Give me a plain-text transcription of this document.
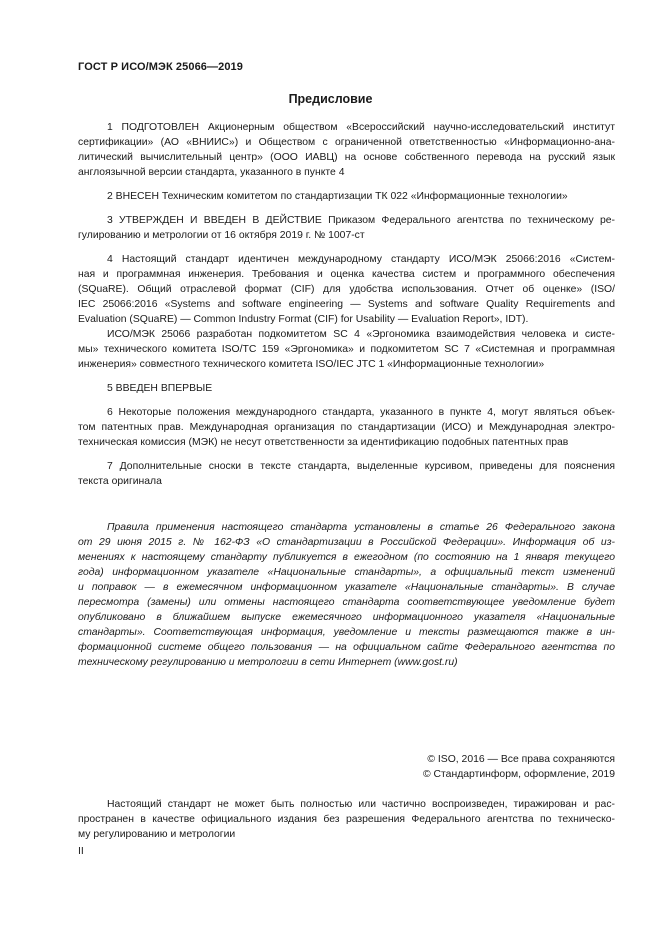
ГОСТ Р ИСО/МЭК 25066—2019
Предисловие
1 ПОДГОТОВЛЕН Акционерным обществом «Всероссийский научно-исследовательский институт
сертификации» (АО «ВНИИС») и Обществом с ограниченной ответственностью «Информационно-ана-
литический вычислительный центр» (ООО ИАВЦ) на основе собственного перевода на русский язык
англоязычной версии стандарта, указанного в пункте 4
2 ВНЕСЕН Техническим комитетом по стандартизации ТК 022 «Информационные технологии»
3 УТВЕРЖДЕН И ВВЕДЕН В ДЕЙСТВИЕ Приказом Федерального агентства по техническому ре-
гулированию и метрологии от 16 октября 2019 г. № 1007-ст
4 Настоящий стандарт идентичен международному стандарту ИСО/МЭК 25066:2016 «Систем-
ная и программная инженерия. Требования и оценка качества систем и программного обеспечения
(SQuaRE). Общий отраслевой формат (CIF) для удобства использования. Отчет об оценке» (ISO/
IEC 25066:2016 «Systems and software engineering — Systems and software Quality Requirements and
Evaluation (SQuaRE) — Common Industry Format (CIF) for Usability — Evaluation Report», IDT).
ИСО/МЭК 25066 разработан подкомитетом SC 4 «Эргономика взаимодействия человека и систе-
мы» технического комитета ISO/TC 159 «Эргономика» и подкомитетом SC 7 «Системная и программная
инженерия» совместного технического комитета ISO/IEC JTC 1 «Информационные технологии»
5 ВВЕДЕН ВПЕРВЫЕ
6 Некоторые положения международного стандарта, указанного в пункте 4, могут являться объек-
том патентных прав. Международная организация по стандартизации (ИСО) и Международная электро-
техническая комиссия (МЭК) не несут ответственности за идентификацию подобных патентных прав
7 Дополнительные сноски в тексте стандарта, выделенные курсивом, приведены для пояснения
текста оригинала
Правила применения настоящего стандарта установлены в статье 26 Федерального закона
от 29 июня 2015 г. № 162-ФЗ «О стандартизации в Российской Федерации». Информация об из-
менениях к настоящему стандарту публикуется в ежегодном (по состоянию на 1 января текущего
года) информационном указателе «Национальные стандарты», а официальный текст изменений
и поправок — в ежемесячном информационном указателе «Национальные стандарты». В случае
пересмотра (замены) или отмены настоящего стандарта соответствующее уведомление будет
опубликовано в ближайшем выпуске ежемесячного информационного указателя «Национальные
стандарты». Соответствующая информация, уведомление и тексты размещаются также в ин-
формационной системе общего пользования — на официальном сайте Федерального агентства по
техническому регулированию и метрологии в сети Интернет (www.gost.ru)
© ISO, 2016 — Все права сохраняются
© Стандартинформ, оформление, 2019
Настоящий стандарт не может быть полностью или частично воспроизведен, тиражирован и рас-
пространен в качестве официального издания без разрешения Федерального агентства по техническо-
му регулированию и метрологии
II
